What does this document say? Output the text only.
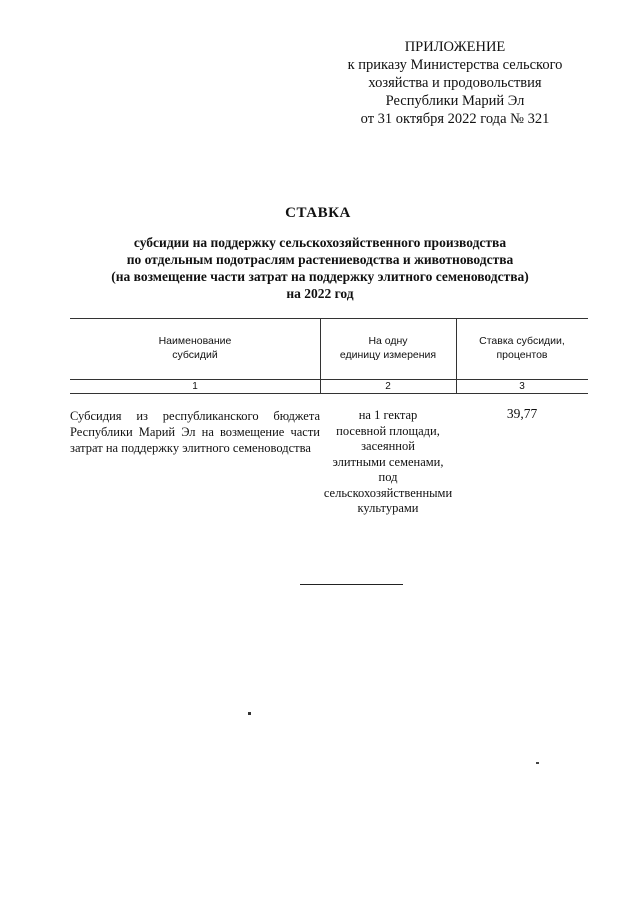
ПРИЛОЖЕНИЕ
к приказу Министерства сельского
хозяйства и продовольствия
Республики Марий Эл
от 31 октября 2022 года № 321
СТАВКА
субсидии на поддержку сельскохозяйственного производства
по отдельным подотраслям растениеводства и животноводства
(на возмещение части затрат на поддержку элитного семеноводства)
на 2022 год
Наименование
субсидий
На одну
единицу измерения
Ставка субсидии,
процентов
1	2	3
Субсидия из республиканского бюджета Республики Марий Эл на возмещение части затрат на поддержку элитного семеноводства
на 1 гектар
посевной площади,
засеянной
элитными семенами,
под
сельскохозяйственными
культурами
39,77
